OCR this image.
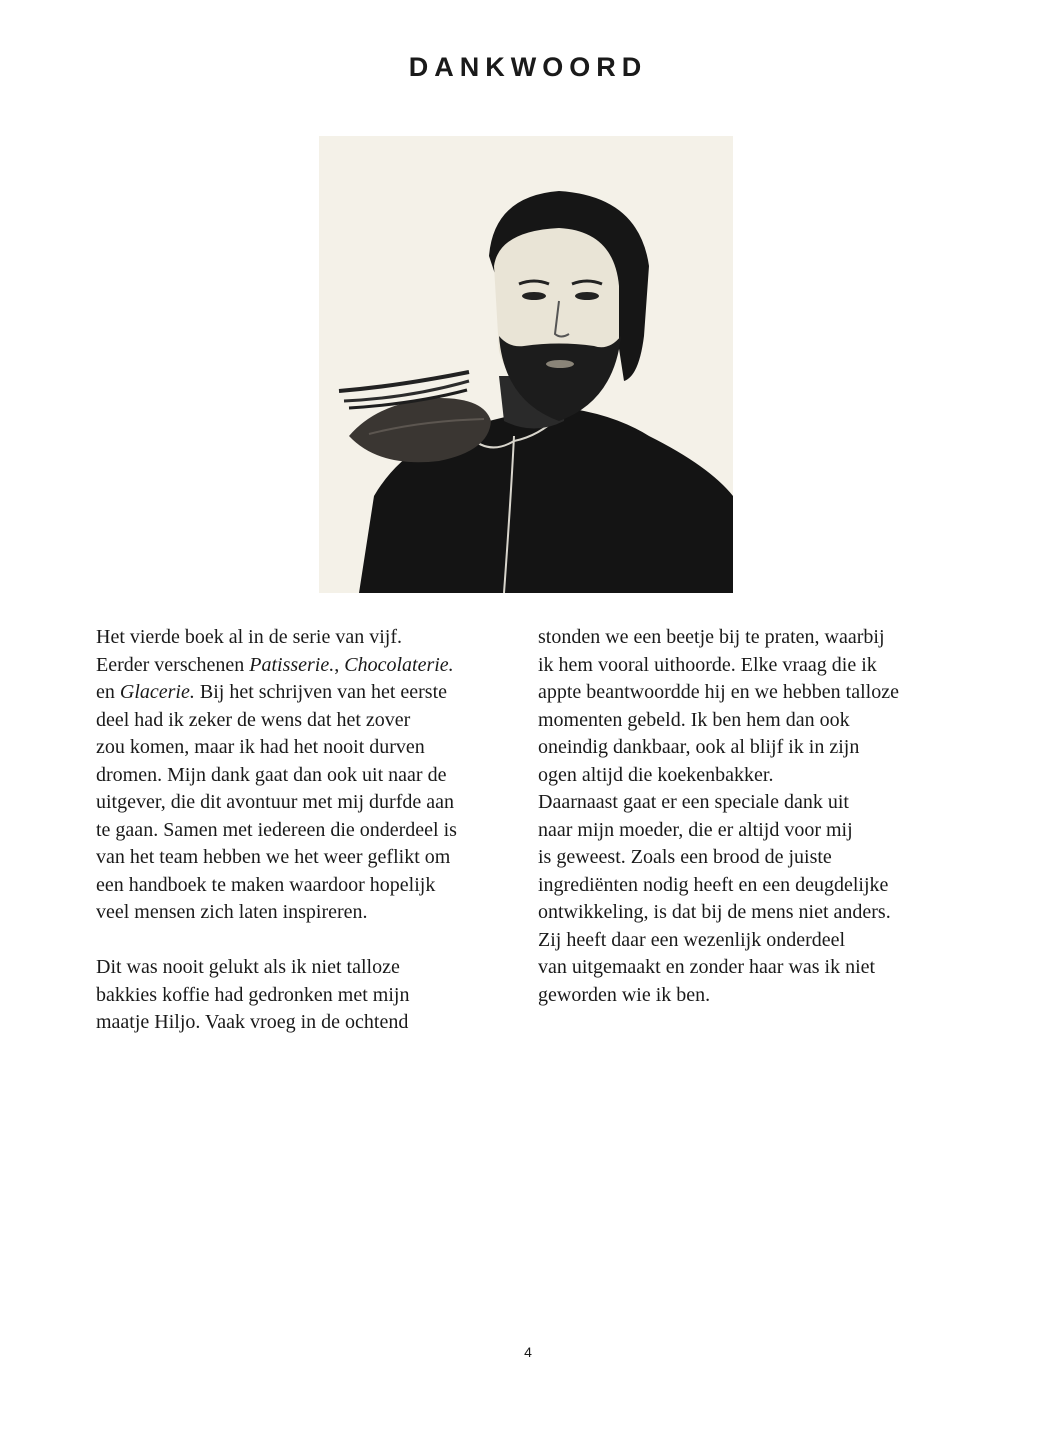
DANKWOORD
Het vierde boek al in de serie van vijf.
Eerder verschenen Patisserie., Chocolaterie.
en Glacerie. Bij het schrijven van het eerste
deel had ik zeker de wens dat het zover
zou komen, maar ik had het nooit durven
dromen. Mijn dank gaat dan ook uit naar de
uitgever, die dit avontuur met mij durfde aan
te gaan. Samen met iedereen die onderdeel is
van het team hebben we het weer geflikt om
een handboek te maken waardoor hopelijk
veel mensen zich laten inspireren.
Dit was nooit gelukt als ik niet talloze
bakkies koffie had gedronken met mijn
maatje Hiljo. Vaak vroeg in de ochtend
stonden we een beetje bij te praten, waarbij
ik hem vooral uithoorde. Elke vraag die ik
appte beantwoordde hij en we hebben talloze
momenten gebeld. Ik ben hem dan ook
oneindig dankbaar, ook al blijf ik in zijn
ogen altijd die koekenbakker.
Daarnaast gaat er een speciale dank uit
naar mijn moeder, die er altijd voor mij
is geweest. Zoals een brood de juiste
ingrediënten nodig heeft en een deugdelijke
ontwikkeling, is dat bij de mens niet anders.
Zij heeft daar een wezenlijk onderdeel
van uitgemaakt en zonder haar was ik niet
geworden wie ik ben.
4
